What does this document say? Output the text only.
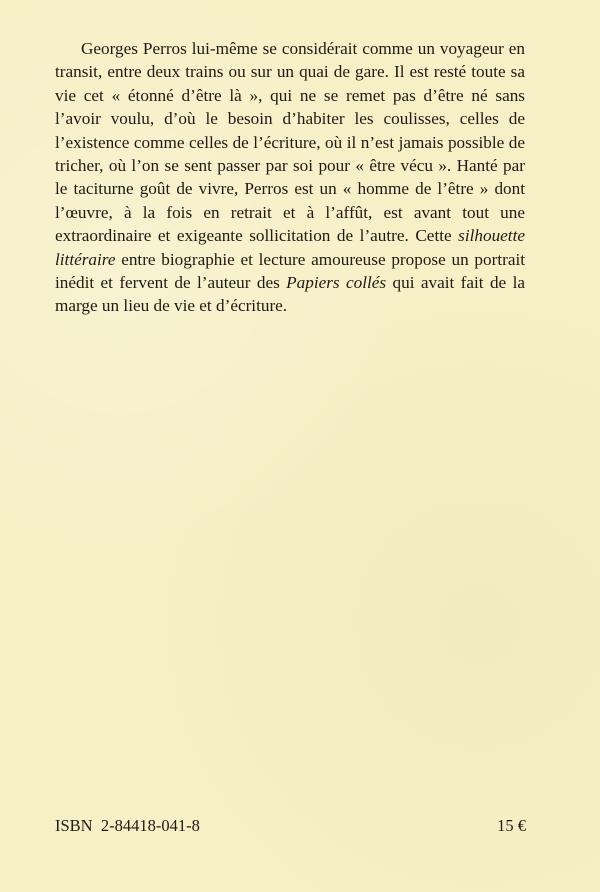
Georges Perros lui-même se considérait comme un voyageur en transit, entre deux trains ou sur un quai de gare. Il est resté toute sa vie cet « étonné d’être là », qui ne se remet pas d’être né sans l’avoir voulu, d’où le besoin d’habiter les coulisses, celles de l’existence comme celles de l’écriture, où il n’est jamais possible de tricher, où l’on se sent passer par soi pour « être vécu ». Hanté par le taciturne goût de vivre, Perros est un « homme de l’être » dont l’œuvre, à la fois en retrait et à l’affût, est avant tout une extraordinaire et exigeante sollicitation de l’autre. Cette silhouette littéraire entre biographie et lecture amoureuse propose un portrait inédit et fervent de l’auteur des Papiers collés qui avait fait de la marge un lieu de vie et d’écriture.

ISBN  2-84418-041-8	15 €
